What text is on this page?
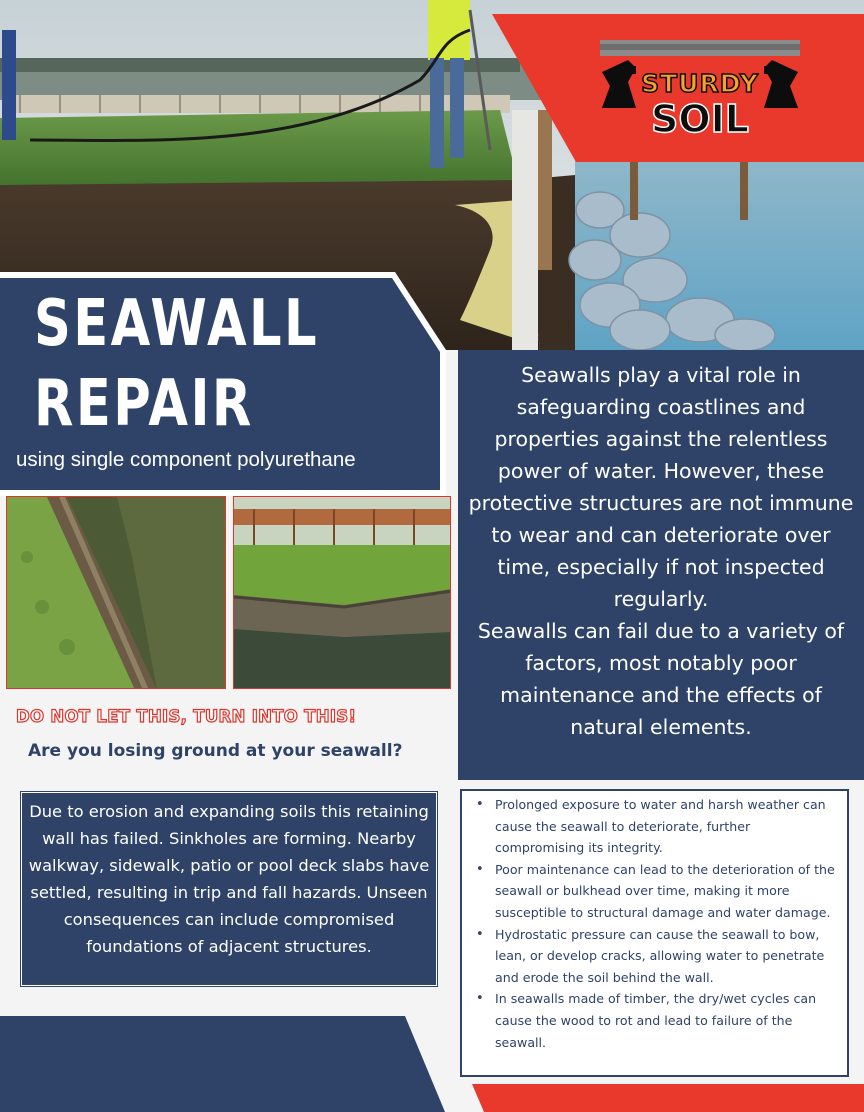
STURDY
SOIL
SEAWALL
REPAIR
using single component polyurethane

Seawalls play a vital role in safeguarding coastlines and properties against the relentless power of water. However, these protective structures are not immune to wear and can deteriorate over time, especially if not inspected regularly.

Seawalls can fail due to a variety of factors, most notably poor maintenance and the effects of natural elements.

DO NOT LET THIS, TURN INTO THIS!
Are you losing ground at your seawall?
Due to erosion and expanding soils this retaining wall has failed. Sinkholes are forming. Nearby walkway, sidewalk, patio or pool deck slabs have settled, resulting in trip and fall hazards. Unseen consequences can include compromised foundations of adjacent structures.
• Prolonged exposure to water and harsh weather can cause the seawall to deteriorate, further compromising its integrity.
• Poor maintenance can lead to the deterioration of the seawall or bulkhead over time, making it more susceptible to structural damage and water damage.
• Hydrostatic pressure can cause the seawall to bow, lean, or develop cracks, allowing water to penetrate and erode the soil behind the wall.
• In seawalls made of timber, the dry/wet cycles can cause the wood to rot and lead to failure of the seawall.
